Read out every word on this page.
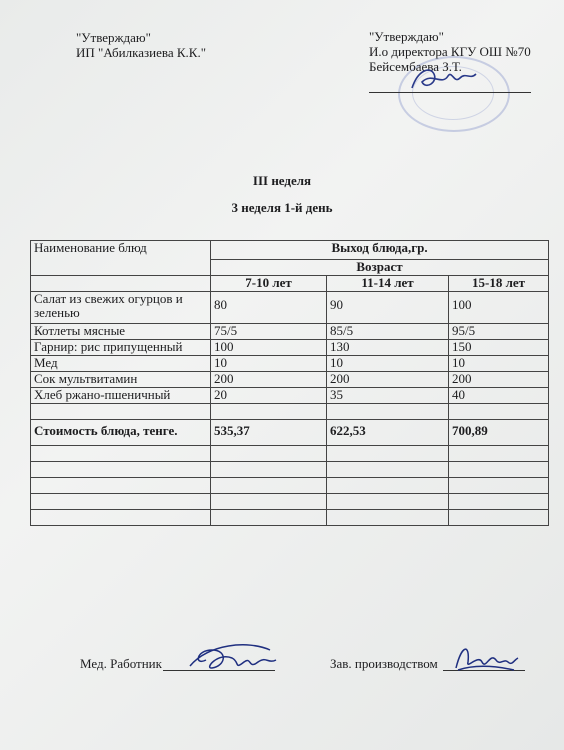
"Утверждаю"
ИП "Абилказиева К.К."
"Утверждаю"
И.о директора КГУ ОШ №70
Бейсембаева З.Т.
III неделя
3 неделя 1-й день
Наименование блюд	Выход блюда,гр.		
	Возраст		
	7-10 лет	11-14 лет	15-18 лет
Салат из свежих огурцов и зеленью	80	90	100
Котлеты мясные	75/5	85/5	95/5
Гарнир: рис припущенный	100	130	150
Мед	10	10	10
Сок мультвитамин	200	200	200
Хлеб ржано-пшеничный	20	35	40

Стоимость блюда, тенге.	535,37	622,53	700,89

Мед. Работник	Зав. производством
